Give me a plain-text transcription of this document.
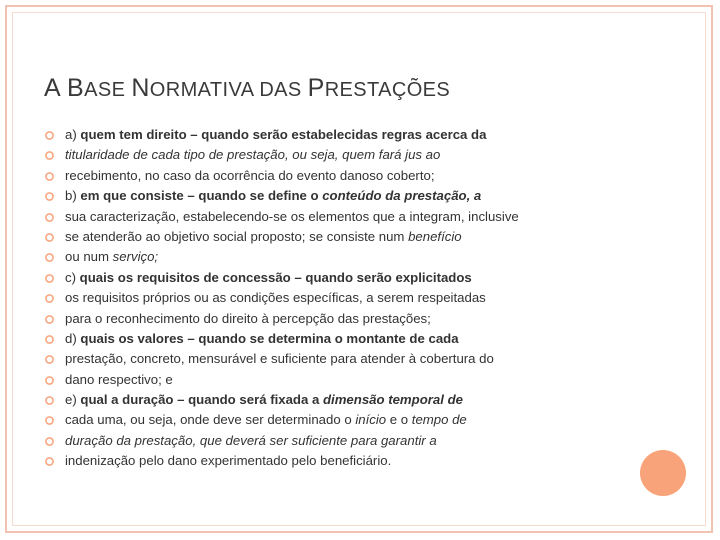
A BASE NORMATIVA DAS PRESTAÇÕES
a) quem tem direito – quando serão estabelecidas regras acerca da
titularidade de cada tipo de prestação, ou seja, quem fará jus ao
recebimento, no caso da ocorrência do evento danoso coberto;
b) em que consiste – quando se define o conteúdo da prestação, a
sua caracterização, estabelecendo-se os elementos que a integram, inclusive
se atenderão ao objetivo social proposto; se consiste num benefício
ou num serviço;
c) quais os requisitos de concessão – quando serão explicitados
os requisitos próprios ou as condições específicas, a serem respeitadas
para o reconhecimento do direito à percepção das prestações;
d) quais os valores – quando se determina o montante de cada
prestação, concreto, mensurável e suficiente para atender à cobertura do
dano respectivo; e
e) qual a duração – quando será fixada a dimensão temporal de
cada uma, ou seja, onde deve ser determinado o início e o tempo de
duração da prestação, que deverá ser suficiente para garantir a
indenização pelo dano experimentado pelo beneficiário.
